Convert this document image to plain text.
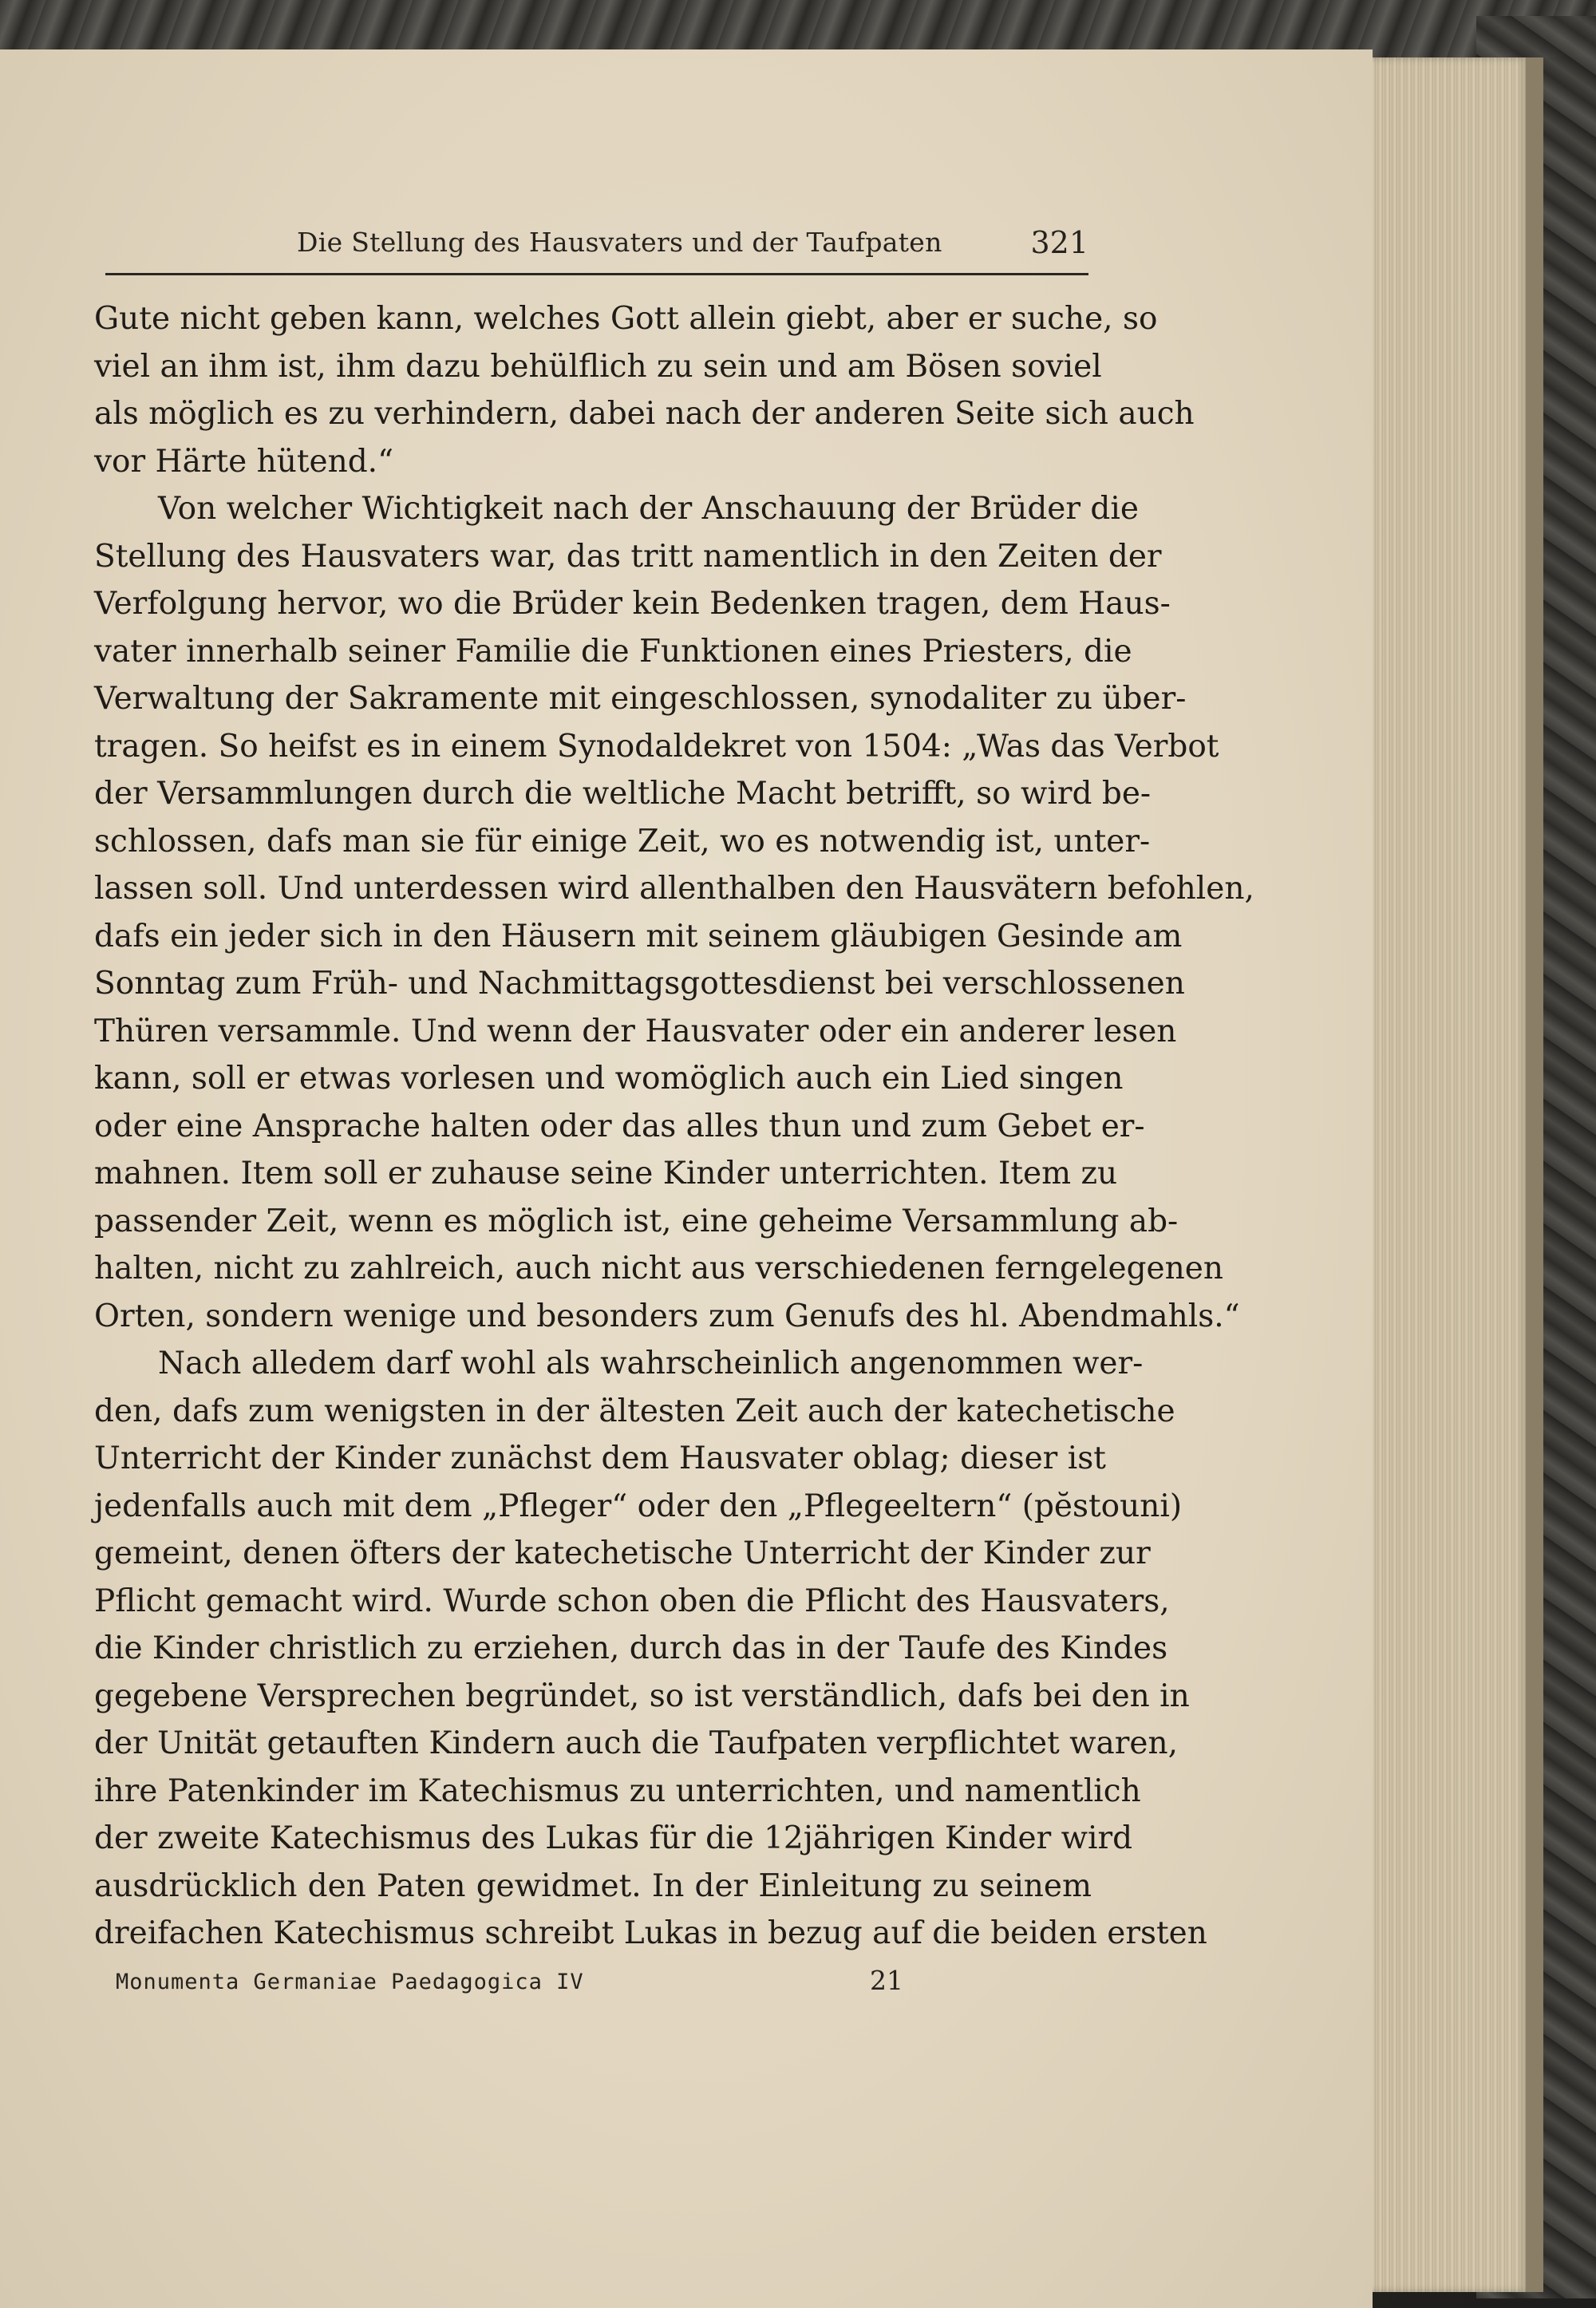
Die Stellung des Hausvaters und der Taufpaten	321
Gute nicht geben kann, welches Gott allein giebt, aber er suche, so
viel an ihm ist, ihm dazu behülflich zu sein und am Bösen soviel
als möglich es zu verhindern, dabei nach der anderen Seite sich auch
vor Härte hütend.“
Von welcher Wichtigkeit nach der Anschauung der Brüder die
Stellung des Hausvaters war, das tritt namentlich in den Zeiten der
Verfolgung hervor, wo die Brüder kein Bedenken tragen, dem Haus-
vater innerhalb seiner Familie die Funktionen eines Priesters, die
Verwaltung der Sakramente mit eingeschlossen, synodaliter zu über-
tragen. So heifst es in einem Synodaldekret von 1504: „Was das Verbot
der Versammlungen durch die weltliche Macht betrifft, so wird be-
schlossen, dafs man sie für einige Zeit, wo es notwendig ist, unter-
lassen soll. Und unterdessen wird allenthalben den Hausvätern befohlen,
dafs ein jeder sich in den Häusern mit seinem gläubigen Gesinde am
Sonntag zum Früh- und Nachmittagsgottesdienst bei verschlossenen
Thüren versammle. Und wenn der Hausvater oder ein anderer lesen
kann, soll er etwas vorlesen und womöglich auch ein Lied singen
oder eine Ansprache halten oder das alles thun und zum Gebet er-
mahnen. Item soll er zuhause seine Kinder unterrichten. Item zu
passender Zeit, wenn es möglich ist, eine geheime Versammlung ab-
halten, nicht zu zahlreich, auch nicht aus verschiedenen ferngelegenen
Orten, sondern wenige und besonders zum Genufs des hl. Abendmahls.“
Nach alledem darf wohl als wahrscheinlich angenommen wer-
den, dafs zum wenigsten in der ältesten Zeit auch der katechetische
Unterricht der Kinder zunächst dem Hausvater oblag; dieser ist
jedenfalls auch mit dem „Pfleger“ oder den „Pflegeeltern“ (pĕstouni)
gemeint, denen öfters der katechetische Unterricht der Kinder zur
Pflicht gemacht wird. Wurde schon oben die Pflicht des Hausvaters,
die Kinder christlich zu erziehen, durch das in der Taufe des Kindes
gegebene Versprechen begründet, so ist verständlich, dafs bei den in
der Unität getauften Kindern auch die Taufpaten verpflichtet waren,
ihre Patenkinder im Katechismus zu unterrichten, und namentlich
der zweite Katechismus des Lukas für die 12jährigen Kinder wird
ausdrücklich den Paten gewidmet. In der Einleitung zu seinem
dreifachen Katechismus schreibt Lukas in bezug auf die beiden ersten
Monumenta Germaniae Paedagogica IV	21
